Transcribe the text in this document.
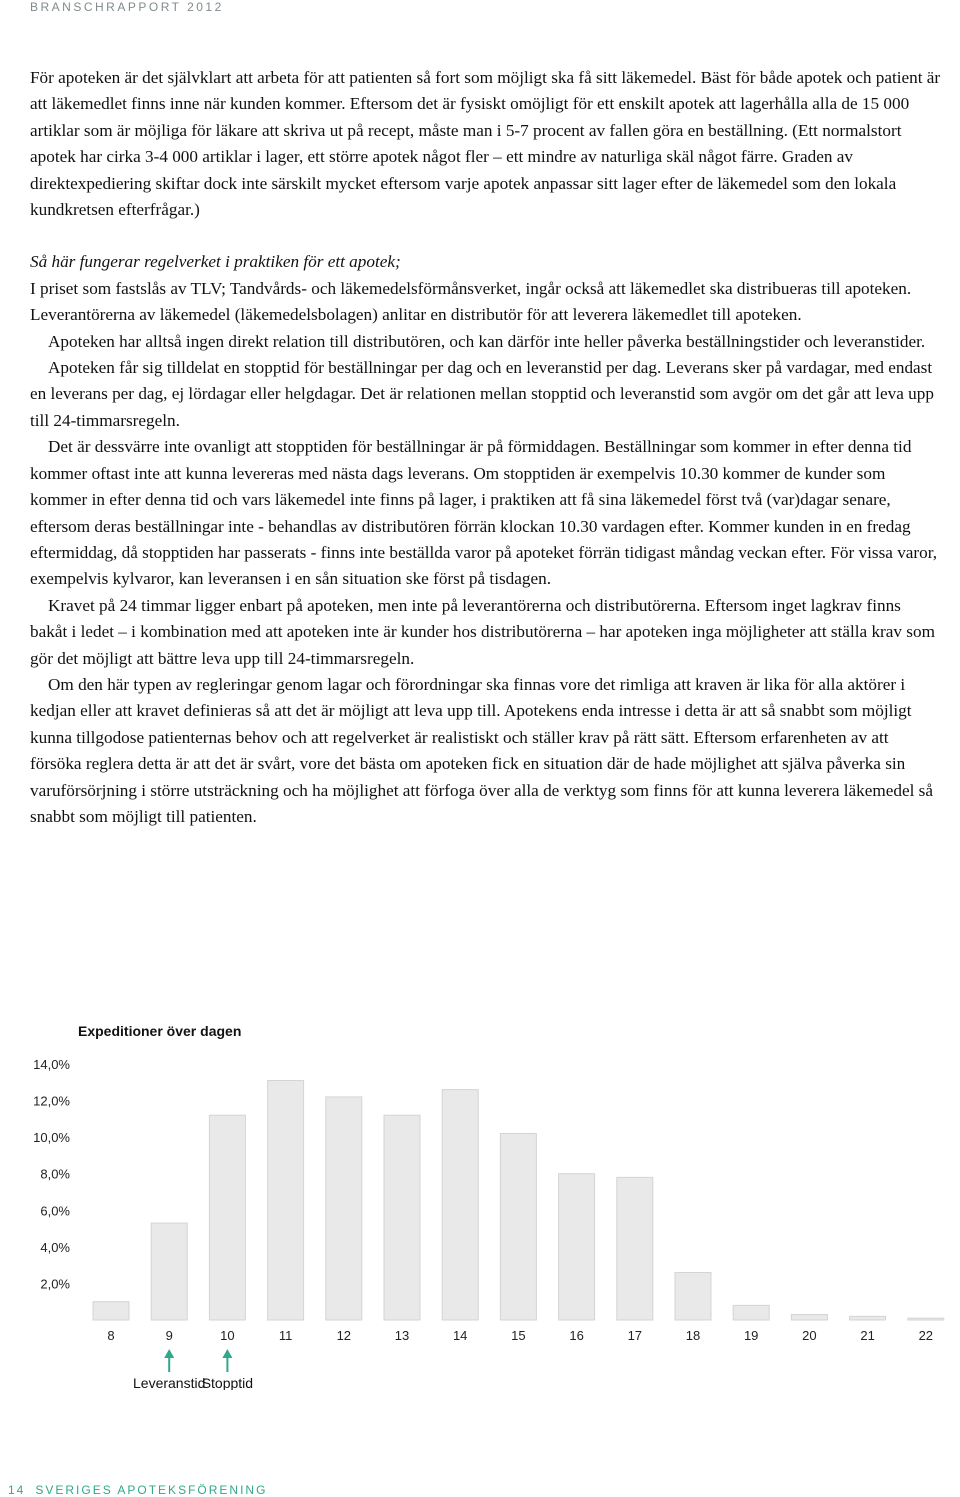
BRANSCHRAPPORT 2012

För apoteken är det självklart att arbeta för att patienten så fort som möjligt ska få sitt läkemedel. Bäst för både apotek och patient är att läkemedlet finns inne när kunden kommer. Eftersom det är fysiskt omöjligt för ett enskilt apotek att lagerhålla alla de 15 000 artiklar som är möjliga för läkare att skriva ut på recept, måste man i 5-7 procent av fallen göra en beställning. (Ett normalstort apotek har cirka 3-4 000 artiklar i lager, ett större apotek något fler – ett mindre av naturliga skäl något färre. Graden av direktexpediering skiftar dock inte särskilt mycket eftersom varje apotek anpassar sitt lager efter de läkemedel som den lokala kundkretsen efterfrågar.)

Så här fungerar regelverket i praktiken för ett apotek;

I priset som fastslås av TLV; Tandvårds- och läkemedelsförmånsverket, ingår också att läkemedlet ska distribueras till apoteken. Leverantörerna av läkemedel (läkemedelsbolagen) anlitar en distributör för att leverera läkemedlet till apoteken.

Apoteken har alltså ingen direkt relation till distributören, och kan därför inte heller påverka beställningstider och leveranstider.

Apoteken får sig tilldelat en stopptid för beställningar per dag och en leveranstid per dag. Leverans sker på vardagar, med endast en leverans per dag, ej lördagar eller helgdagar. Det är relationen mellan stopptid och leveranstid som avgör om det går att leva upp till 24-timmarsregeln.

Det är dessvärre inte ovanligt att stopptiden för beställningar är på förmiddagen. Beställningar som kommer in efter denna tid kommer oftast inte att kunna levereras med nästa dags leverans. Om stopptiden är exempelvis 10.30 kommer de kunder som kommer in efter denna tid och vars läkemedel inte finns på lager, i praktiken att få sina läkemedel först två (var)dagar senare, eftersom deras beställningar inte - behandlas av distributören förrän klockan 10.30 vardagen efter. Kommer kunden in en fredag eftermiddag, då stopptiden har passerats - finns inte beställda varor på apoteket förrän tidigast måndag veckan efter. För vissa varor, exempelvis kylvaror, kan leveransen i en sån situation ske först på tisdagen.

Kravet på 24 timmar ligger enbart på apoteken, men inte på leverantörerna och distributörerna. Eftersom inget lagkrav finns bakåt i ledet – i kombination med att apoteken inte är kunder hos distributörerna – har apoteken inga möjligheter att ställa krav som gör det möjligt att bättre leva upp till 24-timmarsregeln.

Om den här typen av regleringar genom lagar och förordningar ska finnas vore det rimliga att kraven är lika för alla aktörer i kedjan eller att kravet definieras så att det är möjligt att leva upp till. Apotekens enda intresse i detta är att så snabbt som möjligt kunna tillgodose patienternas behov och att regelverket är realistiskt och ställer krav på rätt sätt. Eftersom erfarenheten av att försöka reglera detta är att det är svårt, vore det bästa om apoteken fick en situation där de hade möjlighet att själva påverka sin varuförsörjning i större utsträckning och ha möjlighet att förfoga över alla de verktyg som finns för att kunna leverera läkemedel så snabbt som möjligt till patienten.

Expeditioner över dagen
2,0%
4,0%
6,0%
8,0%
10,0%
12,0%
14,0%
8	9	10	11	12	13	14	15	16	17	18	19	20	21	22
Leveranstid
Stopptid
14 SVERIGES APOTEKSFÖRENING
